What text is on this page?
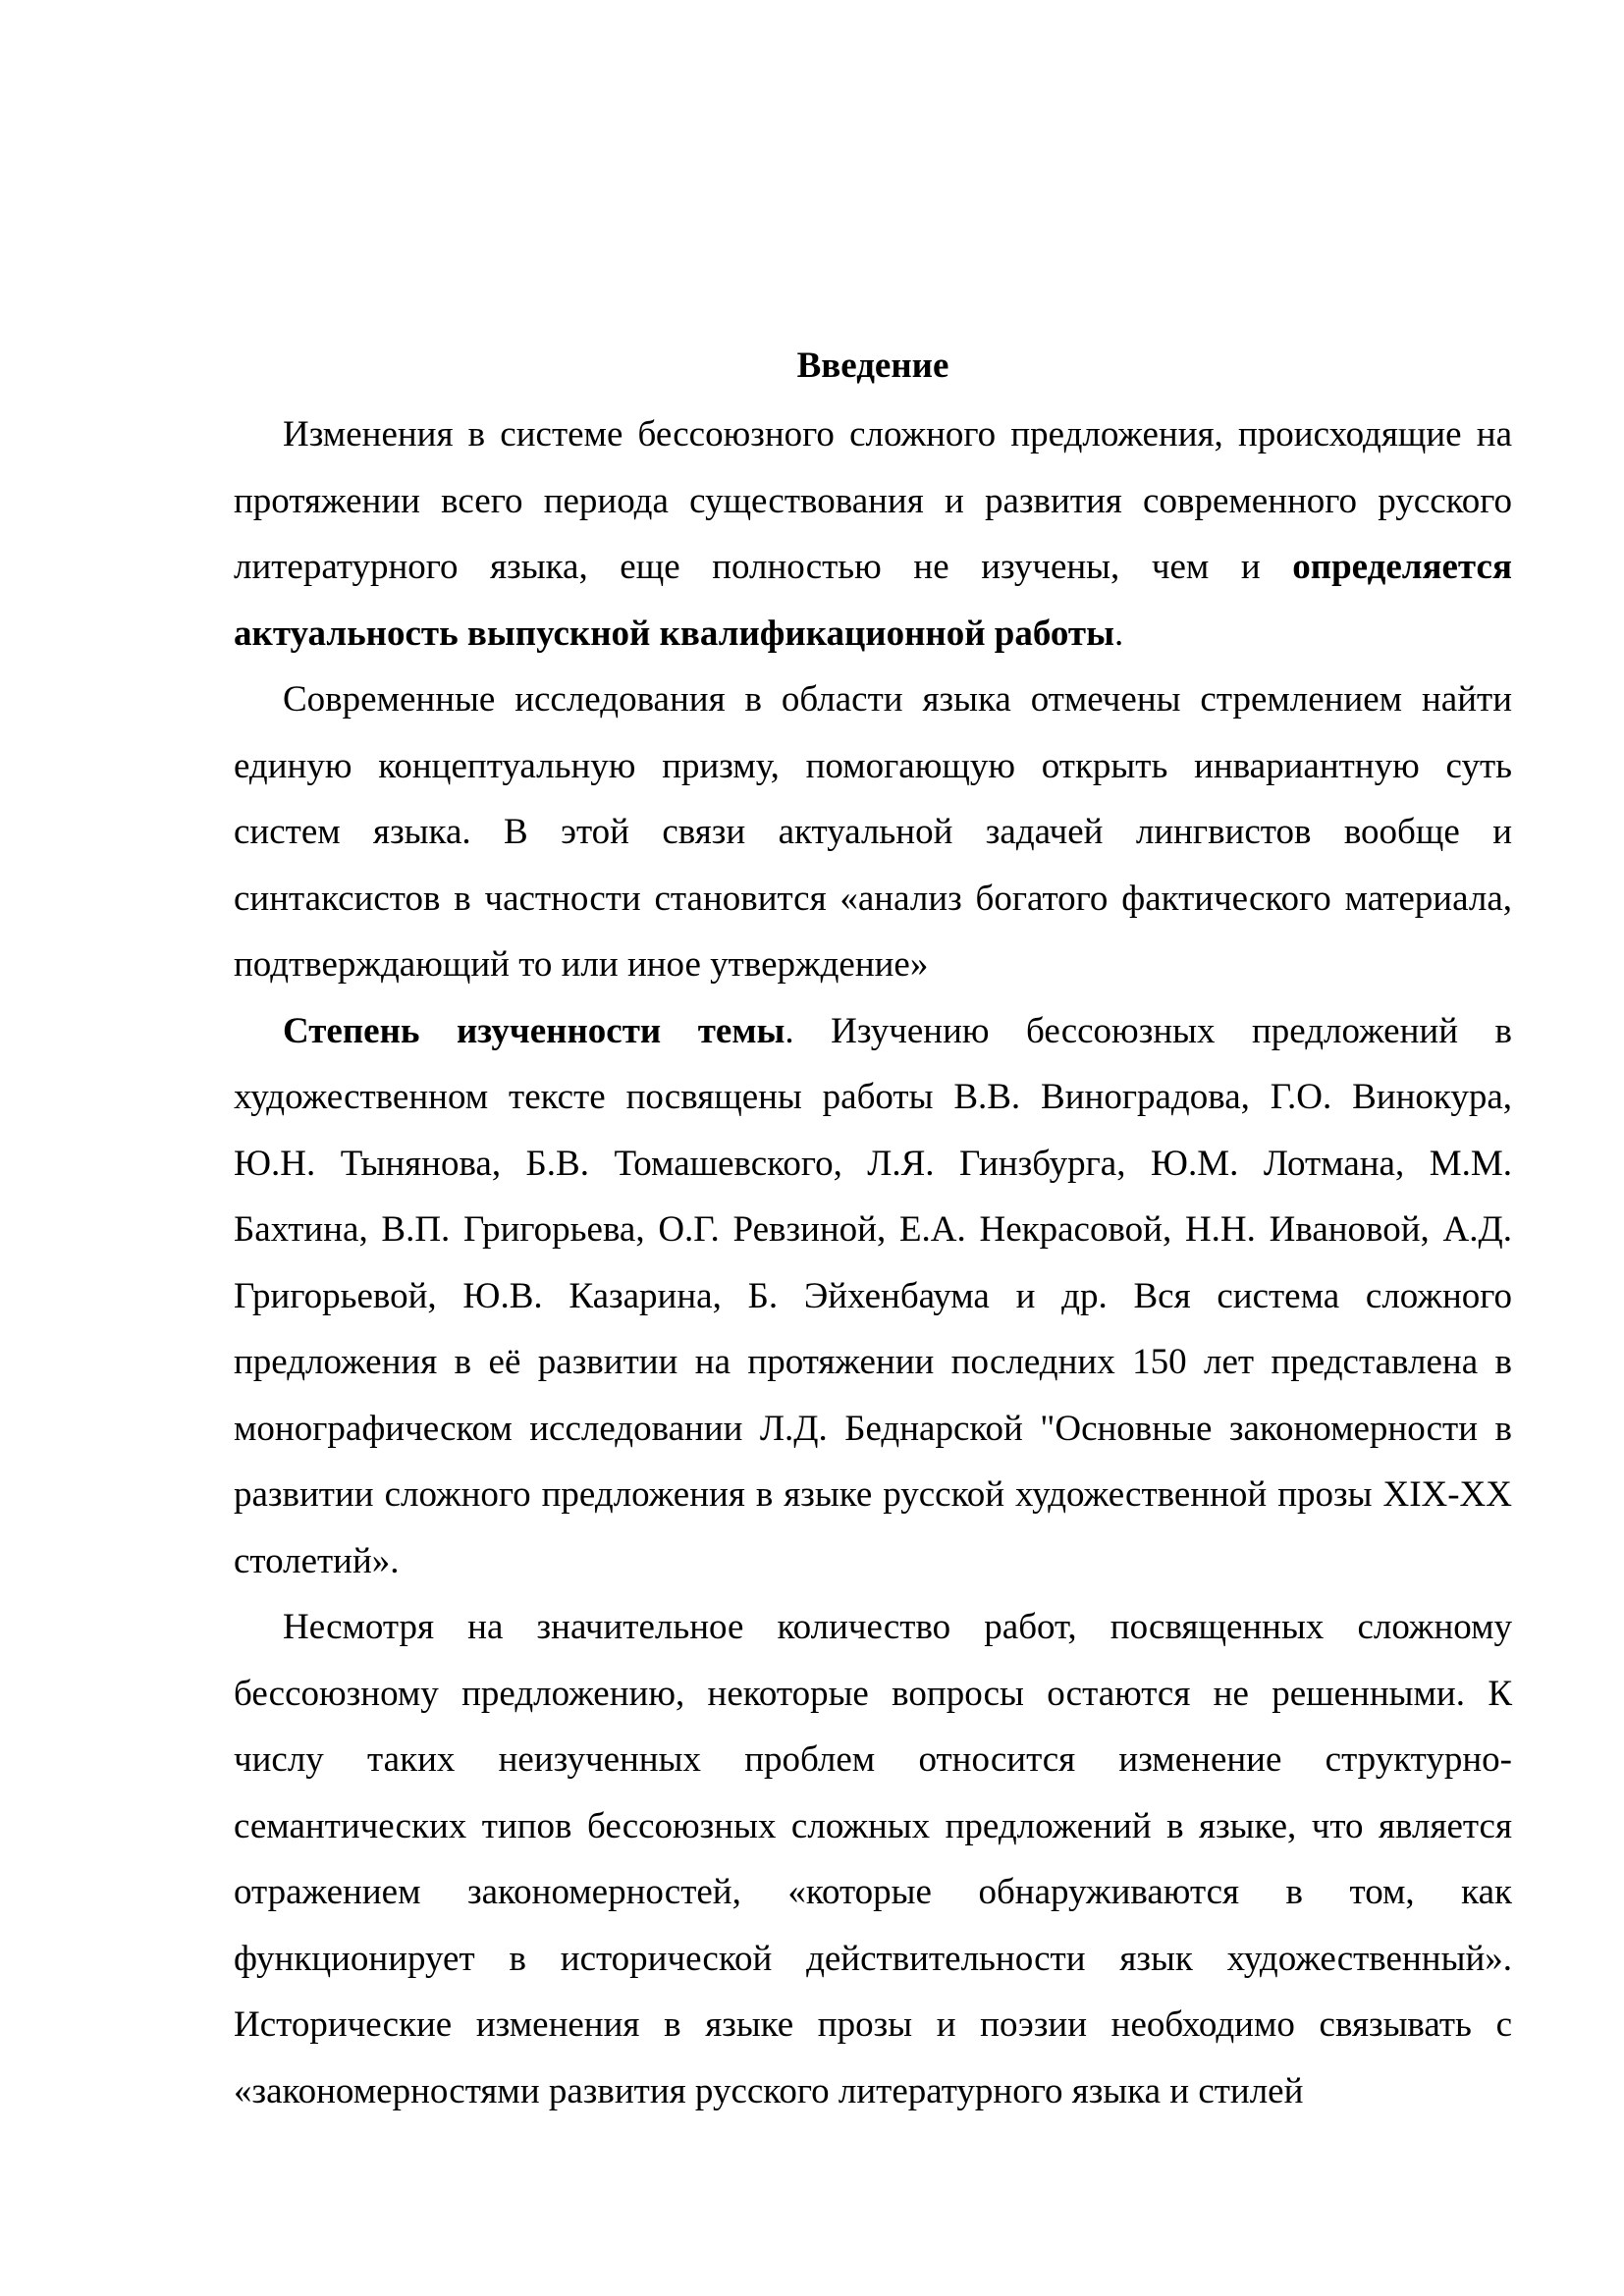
Введение

Изменения в системе бессоюзного сложного предложения, происходящие на протяжении всего периода существования и развития современного русского литературного языка, еще полностью не изучены, чем и определяется актуальность выпускной квалификационной работы.

Современные исследования в области языка отмечены стремлением найти единую концептуальную призму, помогающую открыть инвариантную суть систем языка. В этой связи актуальной задачей лингвистов вообще и синтаксистов в частности становится «анализ богатого фактического материала, подтверждающий то или иное утверждение»

Степень изученности темы. Изучению бессоюзных предложений в художественном тексте посвящены работы В.В. Виноградова, Г.О. Винокура, Ю.Н. Тынянова, Б.В. Томашевского, Л.Я. Гинзбурга, Ю.М. Лотмана, М.М. Бахтина, В.П. Григорьева, О.Г. Ревзиной, Е.А. Некрасовой, Н.Н. Ивановой, А.Д. Григорьевой, Ю.В. Казарина, Б. Эйхенбаума и др. Вся система сложного предложения в её развитии на протяжении последних 150 лет представлена в монографическом исследовании Л.Д. Беднарской "Основные закономерности в развитии сложного предложения в языке русской художественной прозы XIX-XX столетий».

Несмотря на значительное количество работ, посвященных сложному бессоюзному предложению, некоторые вопросы остаются не решенными. К числу таких неизученных проблем относится изменение структурно-семантических типов бессоюзных сложных предложений в языке, что является отражением закономерностей, «которые обнаруживаются в том, как функционирует в исторической действительности язык художественный». Исторические изменения в языке прозы и поэзии необходимо связывать с «закономерностями развития русского литературного языка и стилей
